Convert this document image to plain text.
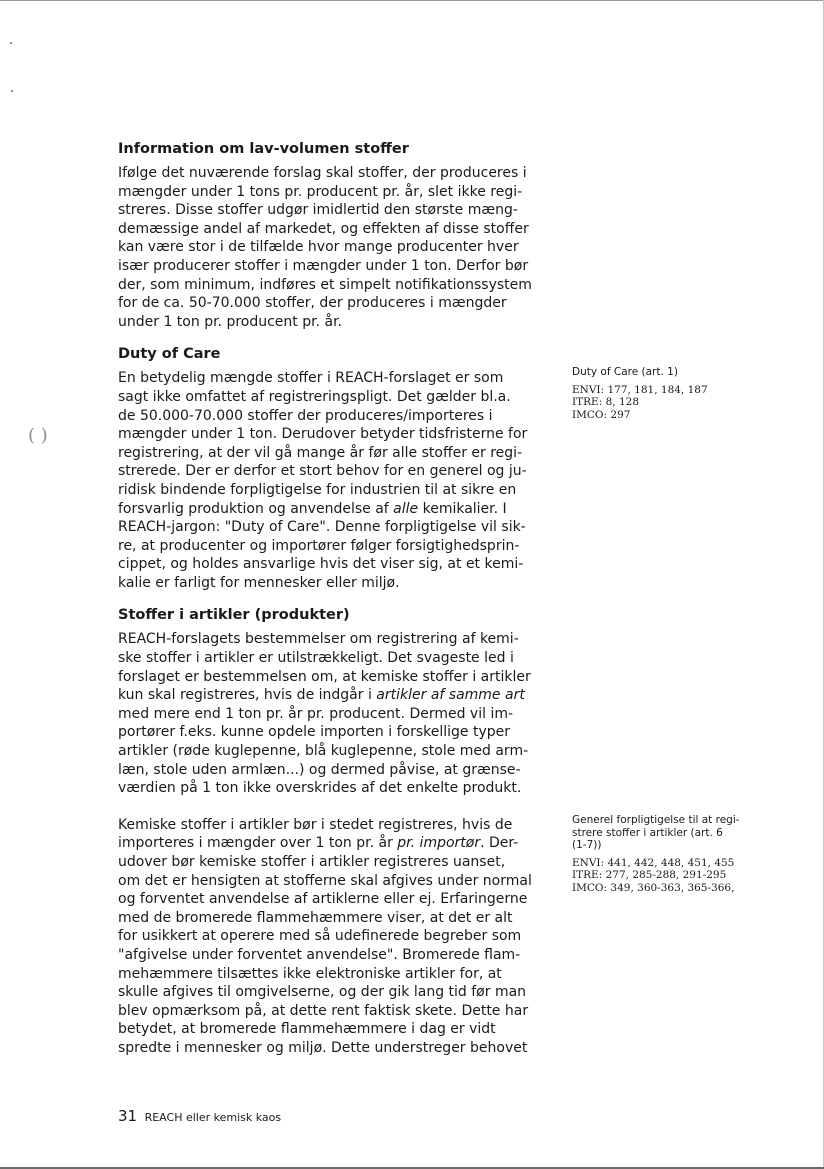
( )
Information om lav-volumen stoffer

Ifølge det nuværende forslag skal stoffer, der produceres i

mængder under 1 tons pr. producent pr. år, slet ikke regi-

streres. Disse stoffer udgør imidlertid den største mæng-

demæssige andel af markedet, og effekten af disse stoffer

kan være stor i de tilfælde hvor mange producenter hver

især producerer stoffer i mængder under 1 ton. Derfor bør

der, som minimum, indføres et simpelt notifikationssystem

for de ca. 50-70.000 stoffer, der produceres i mængder

under 1 ton pr. producent pr. år.

Duty of Care

En betydelig mængde stoffer i REACH-forslaget er som

sagt ikke omfattet af registreringspligt. Det gælder bl.a.

de 50.000-70.000 stoffer der produceres/importeres i

mængder under 1 ton. Derudover betyder tidsfristerne for

registrering, at der vil gå mange år før alle stoffer er regi-

strerede. Der er derfor et stort behov for en generel og ju-

ridisk bindende forpligtigelse for industrien til at sikre en

forsvarlig produktion og anvendelse af alle kemikalier. I

REACH-jargon: "Duty of Care". Denne forpligtigelse vil sik-

re, at producenter og importører følger forsigtighedsprin-

cippet, og holdes ansvarlige hvis det viser sig, at et kemi-

kalie er farligt for mennesker eller miljø.

Stoffer i artikler (produkter)

REACH-forslagets bestemmelser om registrering af kemi-

ske stoffer i artikler er utilstrækkeligt. Det svageste led i

forslaget er bestemmelsen om, at kemiske stoffer i artikler

kun skal registreres, hvis de indgår i artikler af samme art

med mere end 1 ton pr. år pr. producent. Dermed vil im-

portører f.eks. kunne opdele importen i forskellige typer

artikler (røde kuglepenne, blå kuglepenne, stole med arm-

læn, stole uden armlæn...) og dermed påvise, at grænse-

værdien på 1 ton ikke overskrides af det enkelte produkt.

Kemiske stoffer i artikler bør i stedet registreres, hvis de

importeres i mængder over 1 ton pr. år pr. importør. Der-

udover bør kemiske stoffer i artikler registreres uanset,

om det er hensigten at stofferne skal afgives under normal

og forventet anvendelse af artiklerne eller ej. Erfaringerne

med de bromerede flammehæmmere viser, at det er alt

for usikkert at operere med så udefinerede begreber som

"afgivelse under forventet anvendelse". Bromerede flam-

mehæmmere tilsættes ikke elektroniske artikler for, at

skulle afgives til omgivelserne, og der gik lang tid før man

blev opmærksom på, at dette rent faktisk skete. Dette har

betydet, at bromerede flammehæmmere i dag er vidt

spredte i mennesker og miljø. Dette understreger behovet

Duty of Care (art. 1)
ENVI: 177, 181, 184, 187
ITRE: 8, 128
IMCO: 297
Generel forpligtigelse til at regi-
strere stoffer i artikler (art. 6
(1-7))
ENVI: 441, 442, 448, 451, 455
ITRE: 277, 285-288, 291-295
IMCO: 349, 360-363, 365-366,
31 REACH eller kemisk kaos
